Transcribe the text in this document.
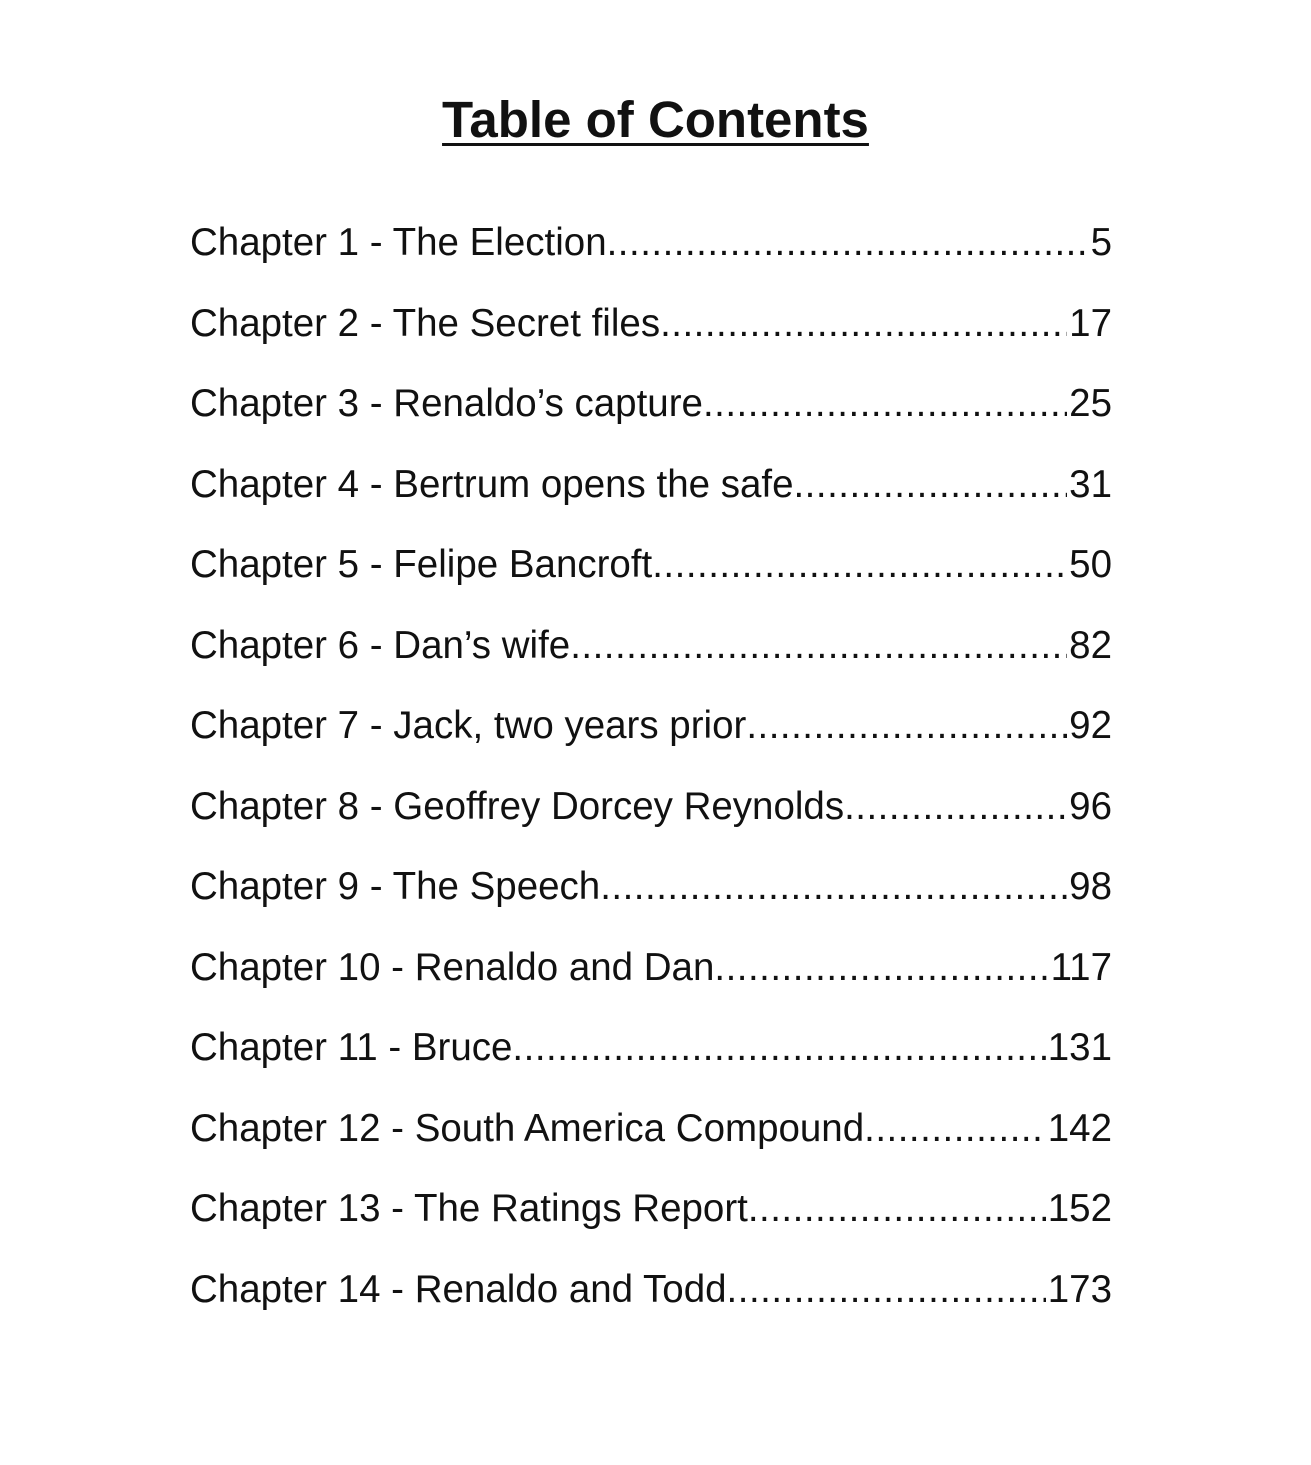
Table of Contents
Chapter 1 - The Election .....	5
Chapter 2 - The Secret files .....	17
Chapter 3 - Renaldo’s capture .....	25
Chapter 4 - Bertrum opens the safe .....	31
Chapter 5 - Felipe Bancroft .....	50
Chapter 6 - Dan’s wife .....	82
Chapter 7 - Jack, two years prior .....	92
Chapter 8 - Geoffrey Dorcey Reynolds .....	96
Chapter 9 - The Speech .....	98
Chapter 10 - Renaldo and Dan .....	117
Chapter 11 - Bruce .....	131
Chapter 12 - South America Compound .....	142
Chapter 13 - The Ratings Report .....	152
Chapter 14 - Renaldo and Todd .....	173
